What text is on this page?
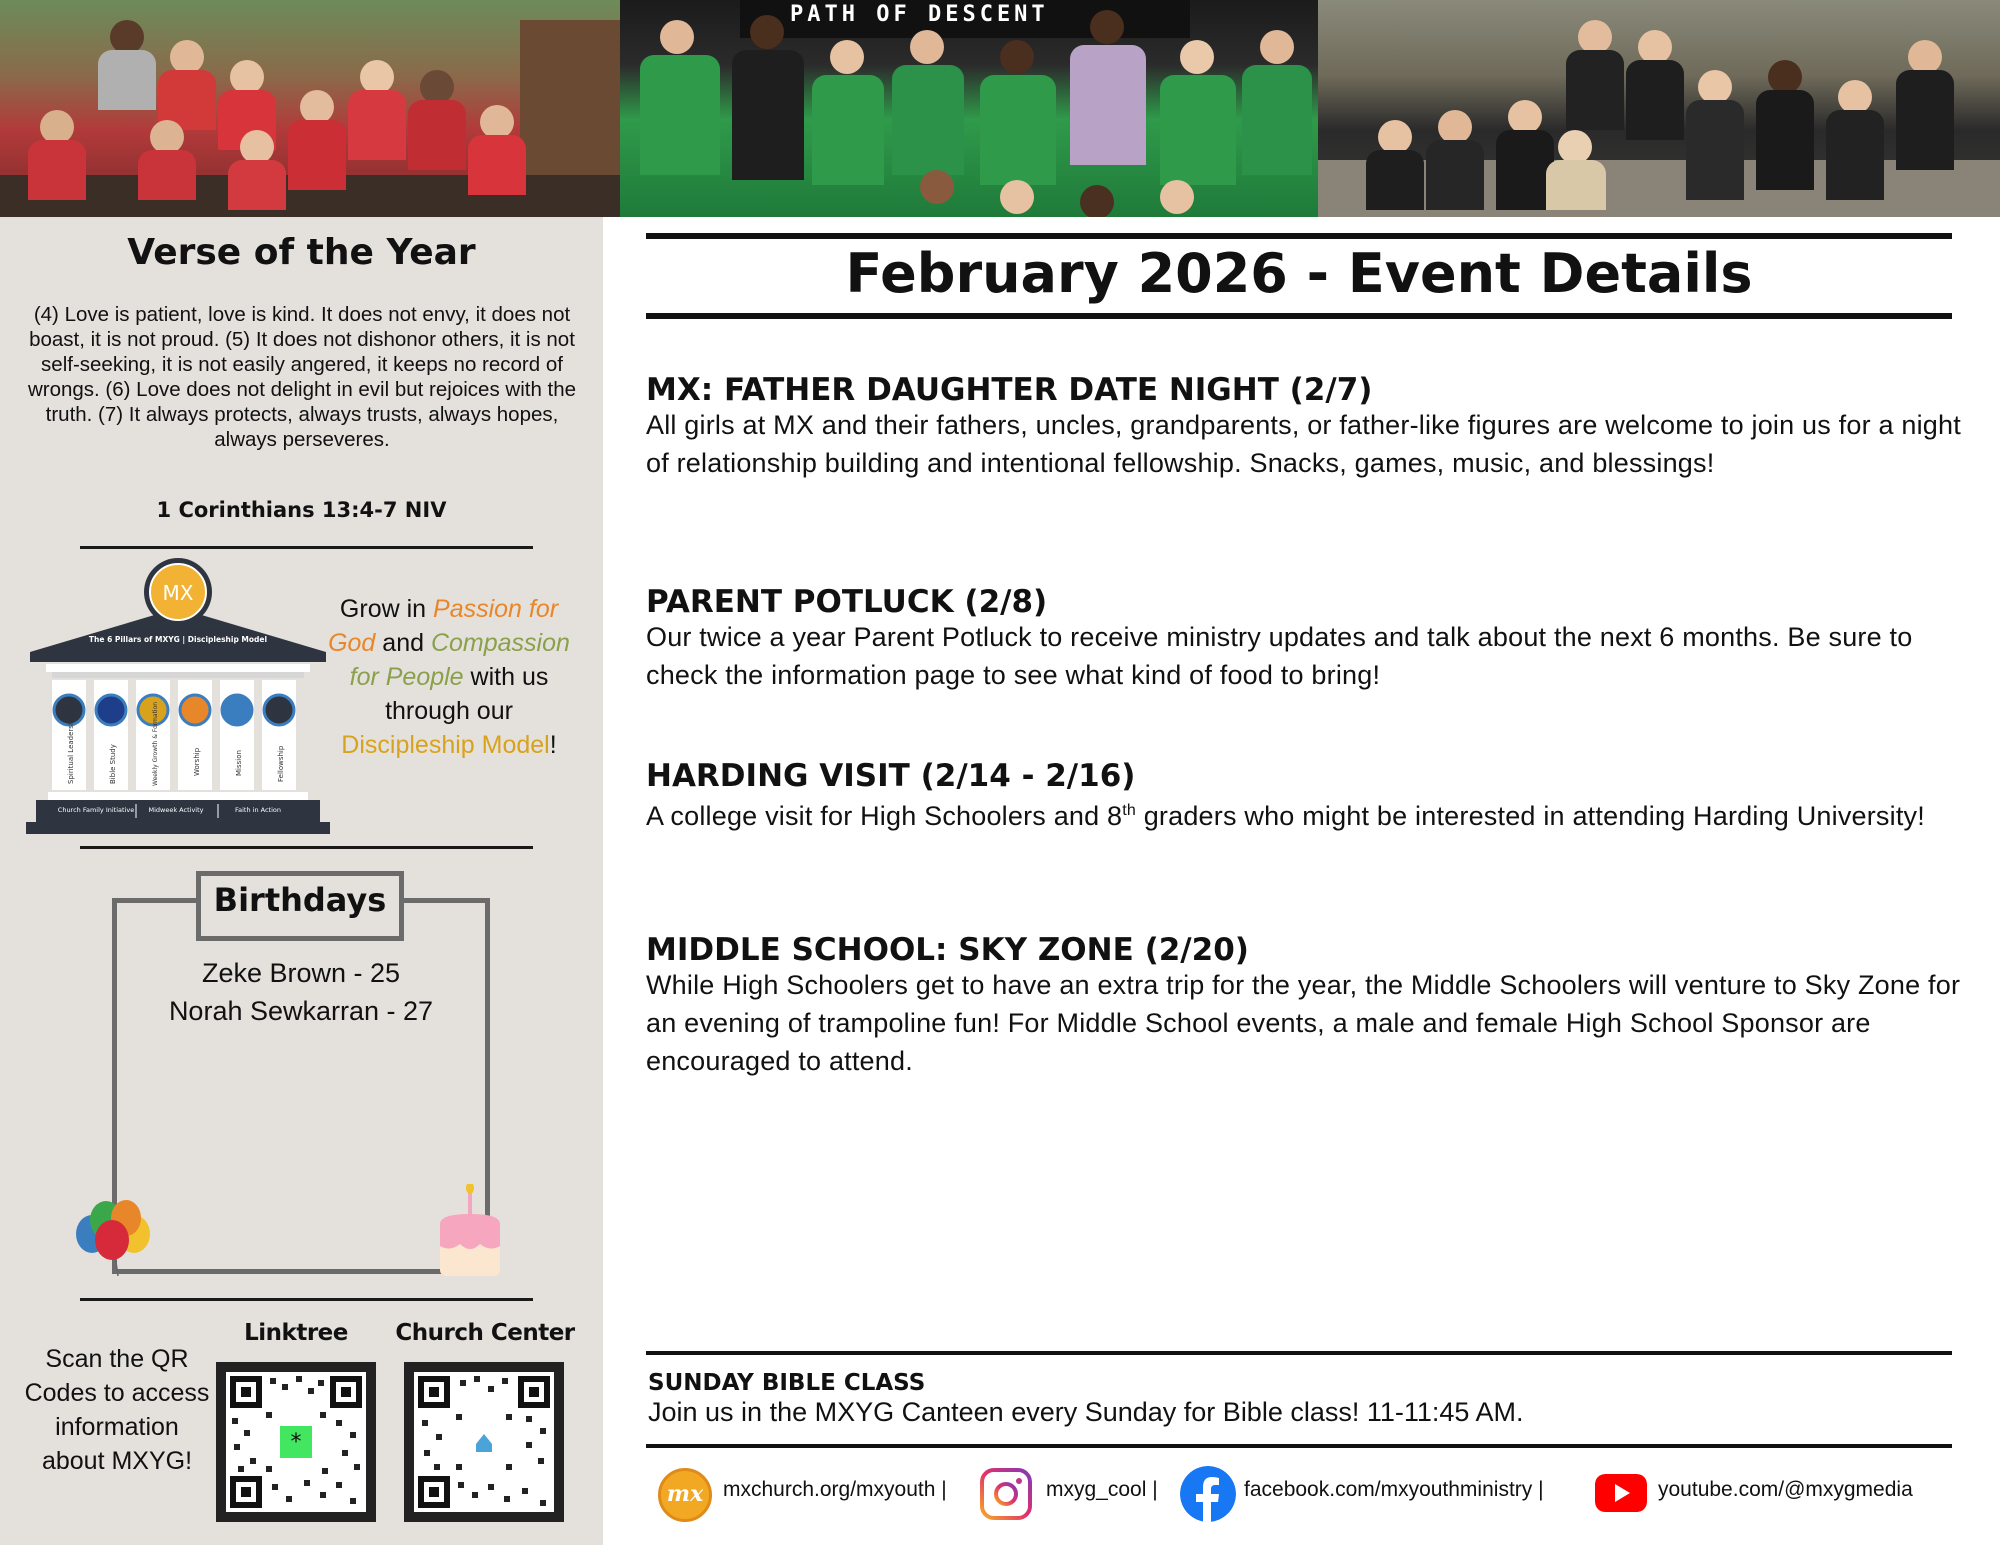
PATH OF DESCENT
Verse of the Year
(4) Love is patient, love is kind. It does not envy, it does not boast, it is not proud. (5) It does not dishonor others, it is not self-seeking, it is not easily angered, it keeps no record of wrongs. (6) Love does not delight in evil but rejoices with the truth. (7) It always protects, always trusts, always hopes, always perseveres.
1 Corinthians 13:4-7 NIV
The 6 Pillars of MXYG | Discipleship Model
MX
Spiritual Leadership	Bible Study	Weekly Growth & Formation	Worship	Mission	Fellowship
Church Family Initiative Midweek Activity	Faith in Action
Grow in Passion for God and Compassion for People with us through our Discipleship Model!
Birthdays
Zeke Brown - 25
Norah Sewkarran - 27
Scan the QR Codes to access information about MXYG!
Linktree	Church Center
*
February 2026 - Event Details
MX: FATHER DAUGHTER DATE NIGHT (2/7)
All girls at MX and their fathers, uncles, grandparents, or father-like figures are welcome to join us for a night of relationship building and intentional fellowship. Snacks, games, music, and blessings!
PARENT POTLUCK (2/8)
Our twice a year Parent Potluck to receive ministry updates and talk about the next 6 months. Be sure to check the information page to see what kind of food to bring!
HARDING VISIT (2/14 - 2/16)
A college visit for High Schoolers and 8th graders who might be interested in attending Harding University!
MIDDLE SCHOOL: SKY ZONE (2/20)
While High Schoolers get to have an extra trip for the year, the Middle Schoolers will venture to Sky Zone for an evening of trampoline fun! For Middle School events, a male and female High School Sponsor are encouraged to attend.
SUNDAY BIBLE CLASS
Join us in the MXYG Canteen every Sunday for Bible class! 11-11:45 AM.
mx mxchurch.org/mxyouth |	mxyg_cool |	facebook.com/mxyouthministry |	youtube.com/@mxygmedia
